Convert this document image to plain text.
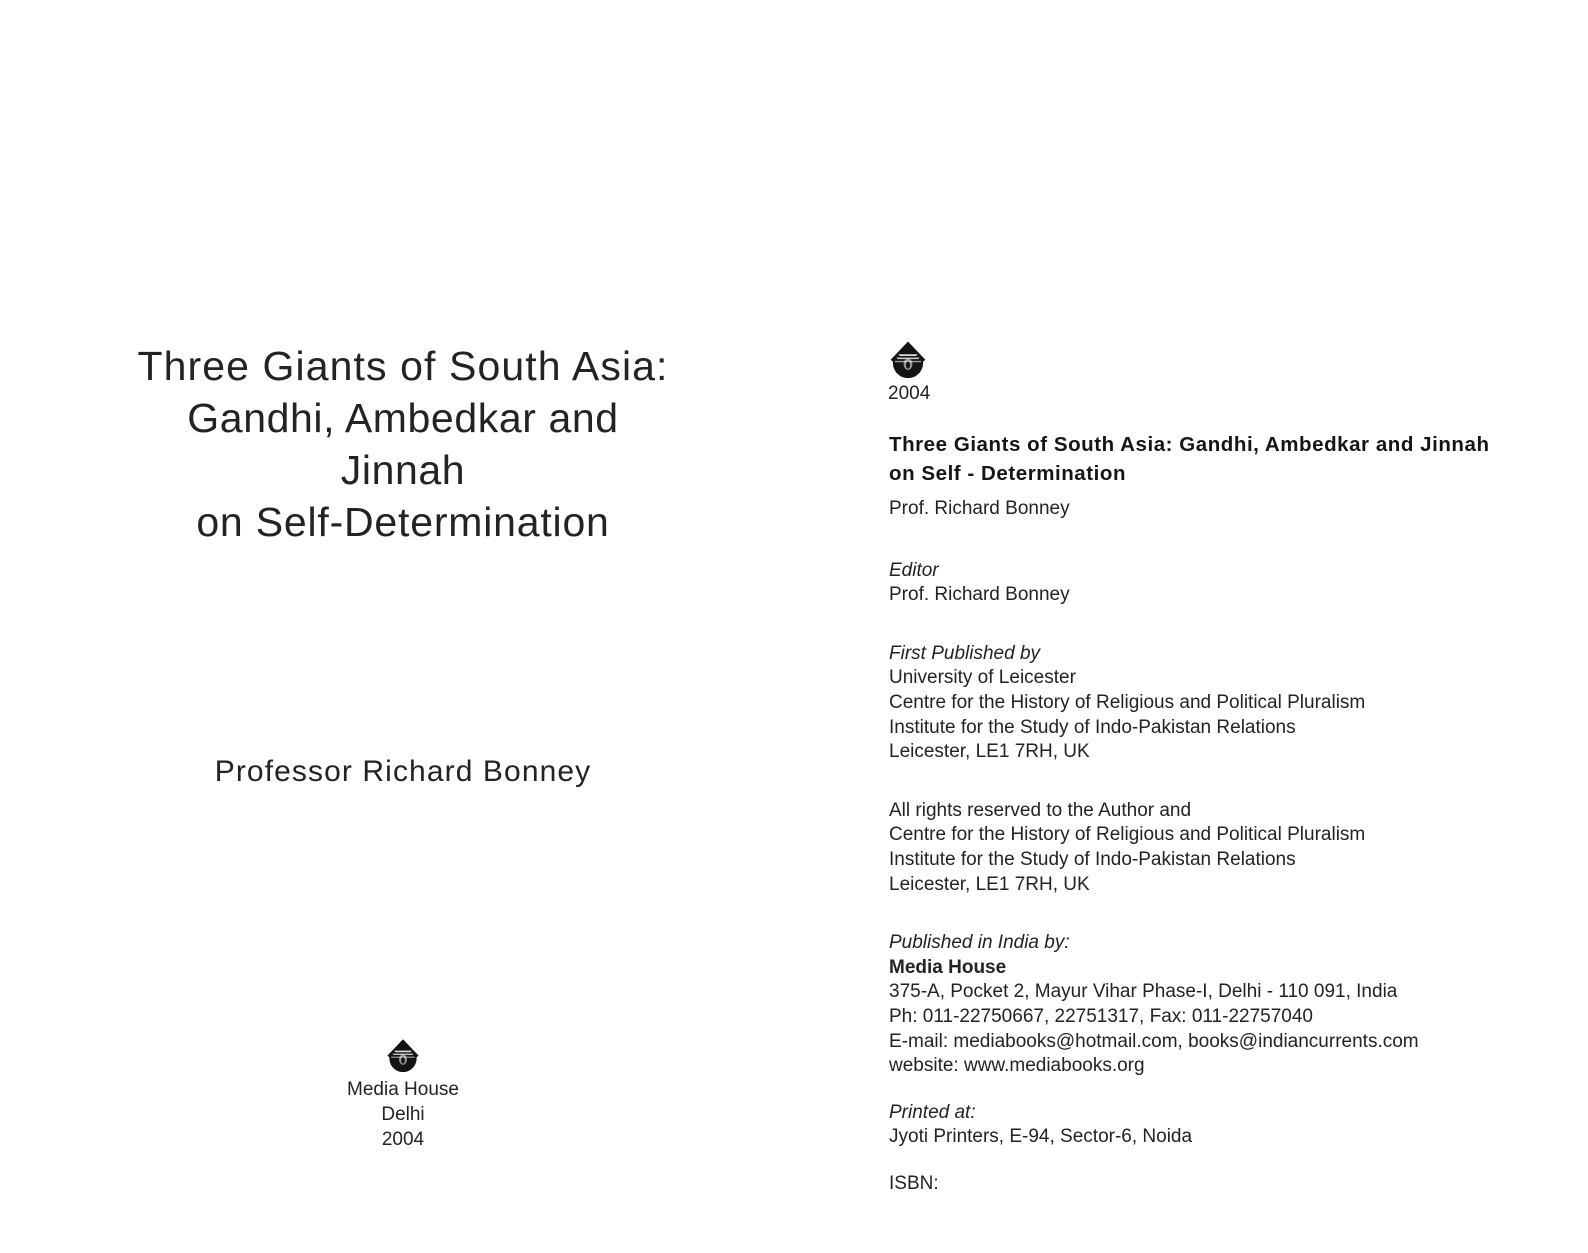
Three Giants of South Asia:
Gandhi, Ambedkar and
Jinnah
on Self-Determination
Professor Richard Bonney
Media House
Delhi
2004
2004
Three Giants of South Asia: Gandhi, Ambedkar and Jinnah on Self - Determination
Prof. Richard Bonney
Editor
Prof. Richard Bonney
First Published by
University of Leicester
Centre for the History of Religious and Political Pluralism
Institute for the Study of Indo-Pakistan Relations
Leicester, LE1 7RH, UK
All rights reserved to the Author and
Centre for the History of Religious and Political Pluralism
Institute for the Study of Indo-Pakistan Relations
Leicester, LE1 7RH, UK
Published in India by:
Media House
375-A, Pocket 2, Mayur Vihar Phase-I, Delhi - 110 091, India
Ph: 011-22750667, 22751317, Fax: 011-22757040
E-mail: mediabooks@hotmail.com, books@indiancurrents.com
website: www.mediabooks.org
Printed at:
Jyoti Printers, E-94, Sector-6, Noida
ISBN:
